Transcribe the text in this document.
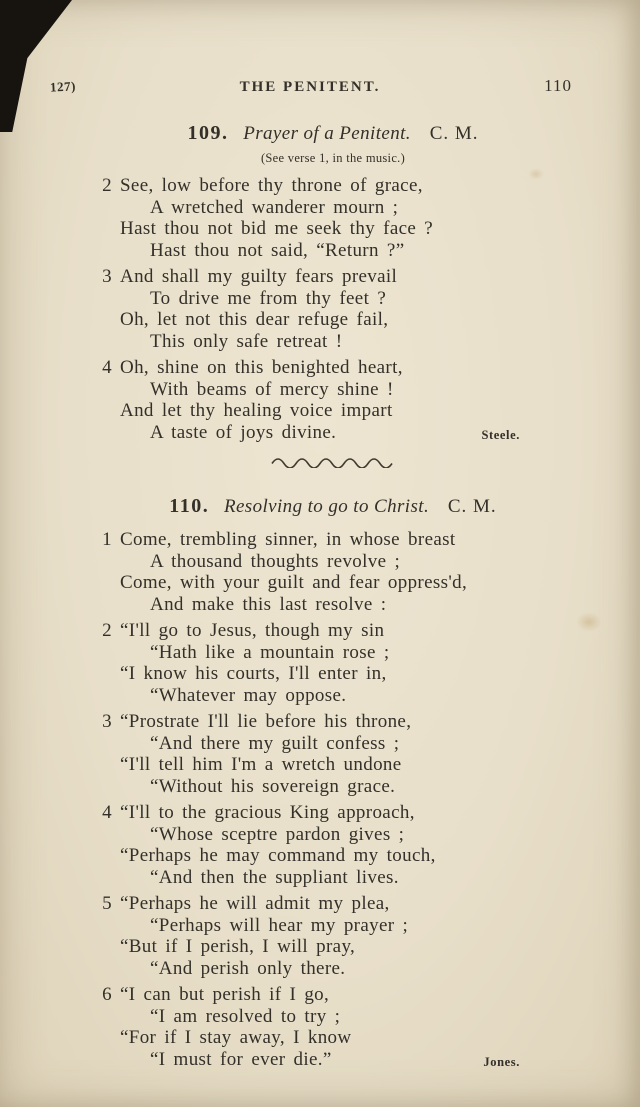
127)	THE PENITENT.	110
109. Prayer of a Penitent. C. M.
(See verse 1, in the music.)
2 See, low before thy throne of grace,
A wretched wanderer mourn ;
Hast thou not bid me seek thy face ?
Hast thou not said, “Return ?”
3 And shall my guilty fears prevail
To drive me from thy feet ?
Oh, let not this dear refuge fail,
This only safe retreat !
4 Oh, shine on this benighted heart,
With beams of mercy shine !
And let thy healing voice impart
A taste of joys divine.	Steele.
110. Resolving to go to Christ. C. M.
1 Come, trembling sinner, in whose breast
A thousand thoughts revolve ;
Come, with your guilt and fear oppress'd,
And make this last resolve :
2 “I'll go to Jesus, though my sin
“Hath like a mountain rose ;
“I know his courts, I'll enter in,
“Whatever may oppose.
3 “Prostrate I'll lie before his throne,
“And there my guilt confess ;
“I'll tell him I'm a wretch undone
“Without his sovereign grace.
4 “I'll to the gracious King approach,
“Whose sceptre pardon gives ;
“Perhaps he may command my touch,
“And then the suppliant lives.
5 “Perhaps he will admit my plea,
“Perhaps will hear my prayer ;
“But if I perish, I will pray,
“And perish only there.
6 “I can but perish if I go,
“I am resolved to try ;
“For if I stay away, I know
“I must for ever die.”	Jones.
